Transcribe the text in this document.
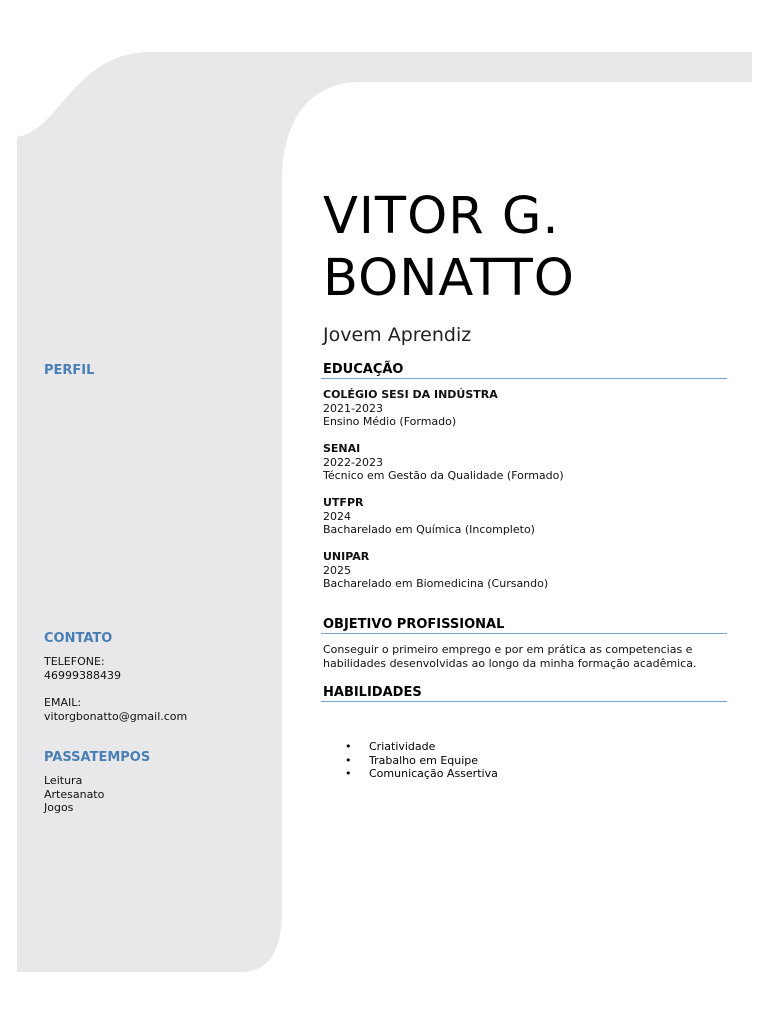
PERFIL
CONTATO
TELEFONE:
46999388439
EMAIL:
vitorgbonatto@gmail.com
PASSATEMPOS
Leitura
Artesanato
Jogos
VITOR G.
BONATTO

Jovem Aprendiz

EDUCAÇÃO
COLÉGIO SESI DA INDÚSTRA
2021-2023
Ensino Médio (Formado)
SENAI
2022-2023
Técnico em Gestão da Qualidade (Formado)
UTFPR
2024
Bacharelado em Química (Incompleto)
UNIPAR
2025
Bacharelado em Biomedicina (Cursando)
OBJETIVO PROFISSIONAL
Conseguir o primeiro emprego e por em prática as competencias e habilidades desenvolvidas ao longo da minha formação acadêmica.
HABILIDADES
• Criatividade
• Trabalho em Equipe
• Comunicação Assertiva
